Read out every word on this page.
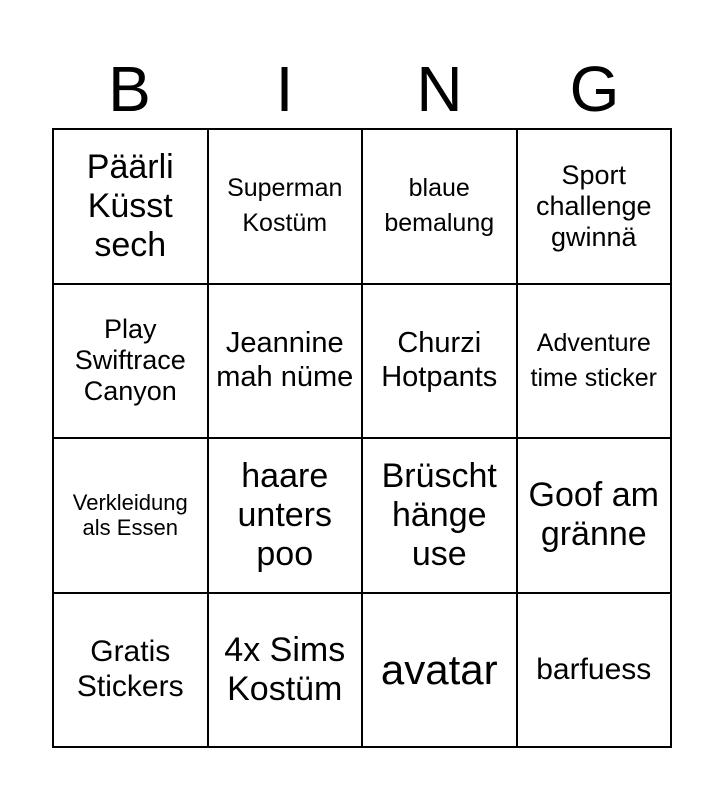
B	I	N	G
Päärli Küsst sech
Superman Kostüm
blaue bemalung
Sport challenge gwinnä
Play Swiftrace Canyon
Jeannine mah nüme
Churzi Hotpants
Adventure time sticker
Verkleidung als Essen
haare unters poo
Brüscht hänge use
Goof am gränne
Gratis Stickers
4x Sims Kostüm avatar barfuess
